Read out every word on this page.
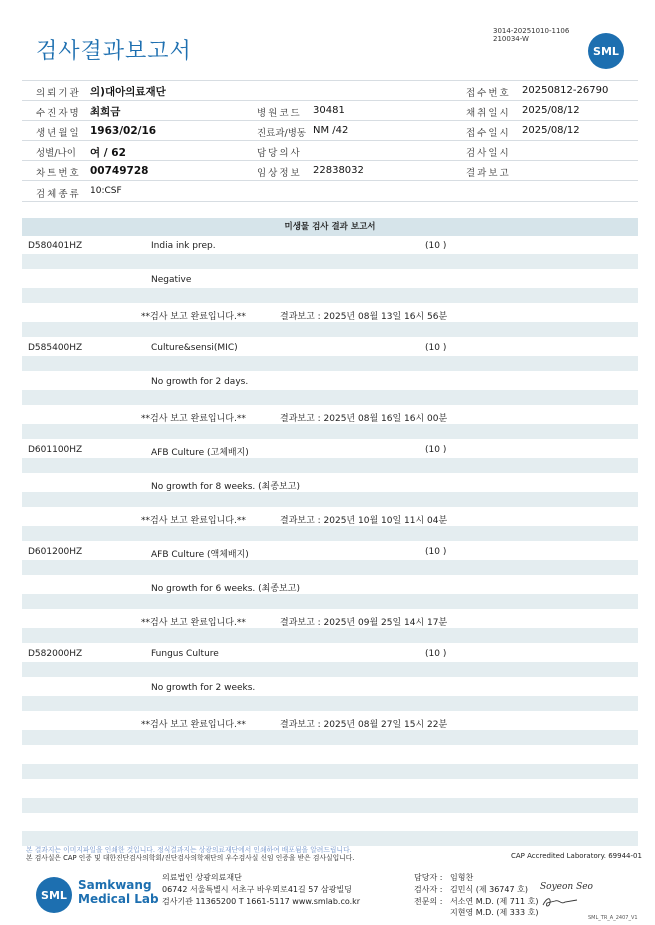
검사결과보고서
3014-20251010-1106
210034-W
SML
의뢰기관 의)대아의료재단	접수번호 20250812-26790
수진자명 최희금	병원코드 30481	채취일시 2025/08/12
생년월일 1963/02/16	진료과/병동 NM /42	접수일시 2025/08/12
성별/나이 여 / 62	담당의사	검사일시
차트번호 00749728	임상정보 22838032	결과보고
검체종류 10:CSF
미생물 검사 결과 보고서
D580401HZ	India ink prep.	(10 )
Negative
**검사 보고 완료입니다.**	결과보고 : 2025년 08월 13일 16시 56분
D585400HZ	Culture&sensi(MIC)	(10 )
No growth for 2 days.
**검사 보고 완료입니다.**	결과보고 : 2025년 08월 16일 16시 00분
D601100HZ	AFB Culture (고체배지)	(10 )
No growth for 8 weeks. (최종보고)
**검사 보고 완료입니다.**	결과보고 : 2025년 10월 10일 11시 04분
D601200HZ	AFB Culture (액체배지)	(10 )
No growth for 6 weeks. (최종보고)
**검사 보고 완료입니다.**	결과보고 : 2025년 09월 25일 14시 17분
D582000HZ	Fungus Culture	(10 )
No growth for 2 weeks.
**검사 보고 완료입니다.**	결과보고 : 2025년 08월 27일 15시 22분
본 결과지는 이미지파일을 인쇄한 것입니다. 정식결과지는 상광의료재단에서 인쇄하여 배포됨을 알려드립니다.
본 검사실은 CAP 인증 및 대한진단검사의학회/진단검사의학재단의 우수검사실 신임 인증을 받은 검사실입니다.	CAP Accredited Laboratory. 69944-01
SML
Samkwang
Medical Lab
의료법인 상광의료재단
06742 서울특별시 서초구 바우뫼로41길 57 삼광빌딩
검사기관 11365200 T 1661-5117 www.smlab.co.kr
담당자 : 임형찬
검사자 : 김민식 (제 36747 호)
전문의 : 서소연 M.D. (제 711 호)
지현영 M.D. (제 333 호)
Soyeon Seo
SML_TR_A_2407_V1
